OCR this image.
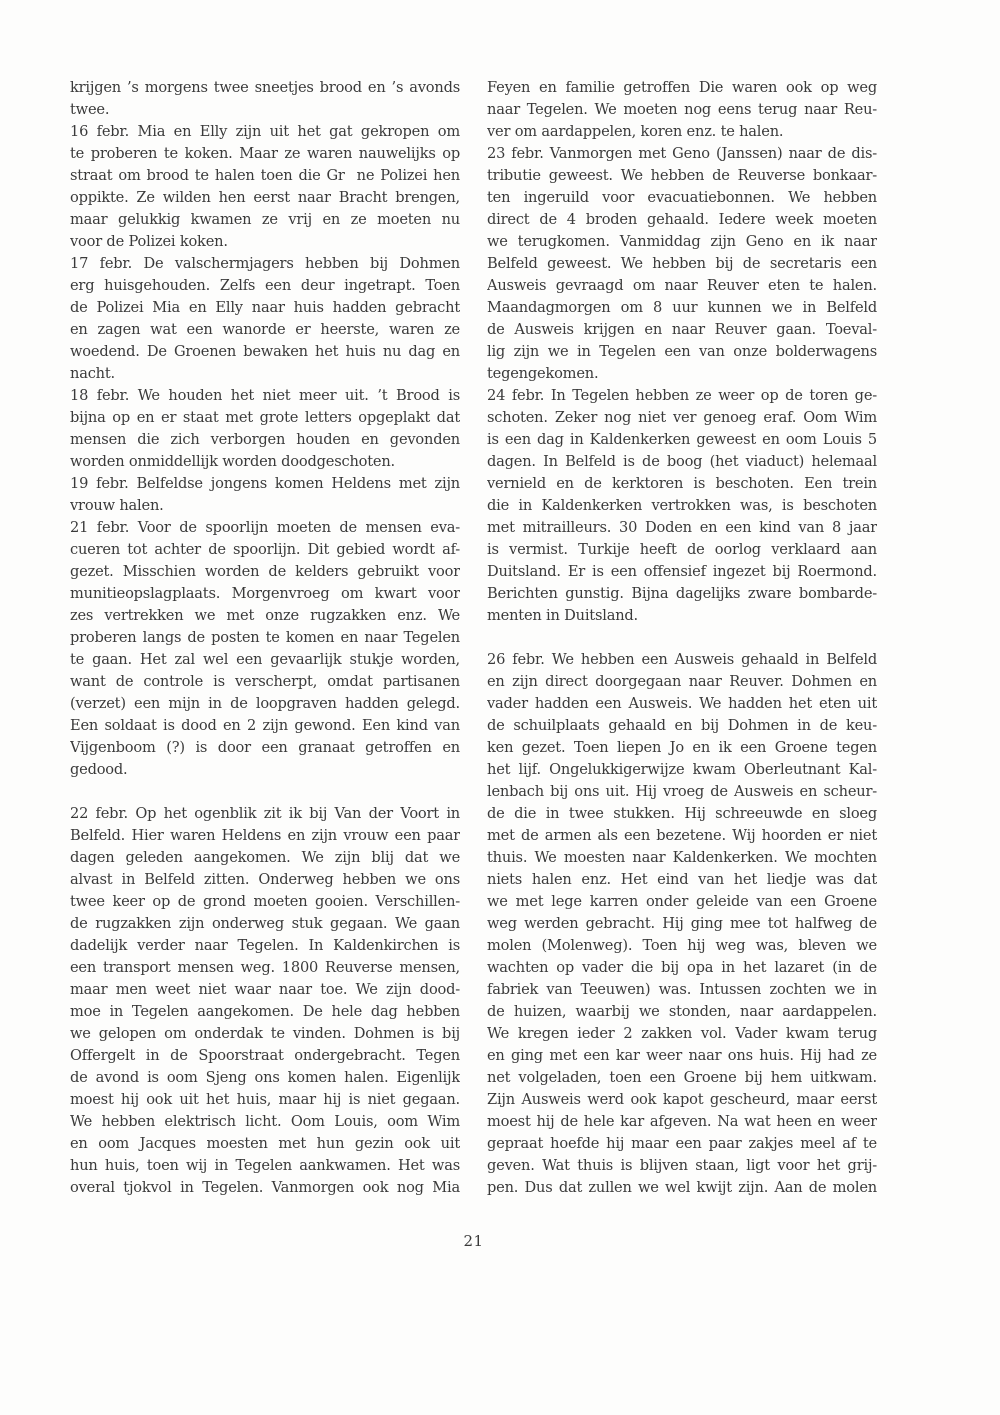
krijgen ’s morgens twee sneetjes brood en ’s avonds
twee.
16 febr. Mia en Elly zijn uit het gat gekropen om
te proberen te koken. Maar ze waren nauwelijks op
straat om brood te halen toen die Gr  ne Polizei hen
oppikte. Ze wilden hen eerst naar Bracht brengen,
maar gelukkig kwamen ze vrij en ze moeten nu
voor de Polizei koken.
17 febr. De valschermjagers hebben bij Dohmen
erg huisgehouden. Zelfs een deur ingetrapt. Toen
de Polizei Mia en Elly naar huis hadden gebracht
en zagen wat een wanorde er heerste, waren ze
woedend. De Groenen bewaken het huis nu dag en
nacht.
18 febr. We houden het niet meer uit. ’t Brood is
bijna op en er staat met grote letters opgeplakt dat
mensen die zich verborgen houden en gevonden
worden onmiddellijk worden doodgeschoten.
19 febr. Belfeldse jongens komen Heldens met zijn
vrouw halen.
21 febr. Voor de spoorlijn moeten de mensen eva-
cueren tot achter de spoorlijn. Dit gebied wordt af-
gezet. Misschien worden de kelders gebruikt voor
munitieopslagplaats. Morgenvroeg om kwart voor
zes vertrekken we met onze rugzakken enz. We
proberen langs de posten te komen en naar Tegelen
te gaan. Het zal wel een gevaarlijk stukje worden,
want de controle is verscherpt, omdat partisanen
(verzet) een mijn in de loopgraven hadden gelegd.
Een soldaat is dood en 2 zijn gewond. Een kind van
Vijgenboom (?) is door een granaat getroffen en
gedood.
22 febr. Op het ogenblik zit ik bij Van der Voort in
Belfeld. Hier waren Heldens en zijn vrouw een paar
dagen geleden aangekomen. We zijn blij dat we
alvast in Belfeld zitten. Onderweg hebben we ons
twee keer op de grond moeten gooien. Verschillen-
de rugzakken zijn onderweg stuk gegaan. We gaan
dadelijk verder naar Tegelen. In Kaldenkirchen is
een transport mensen weg. 1800 Reuverse mensen,
maar men weet niet waar naar toe. We zijn dood-
moe in Tegelen aangekomen. De hele dag hebben
we gelopen om onderdak te vinden. Dohmen is bij
Offergelt in de Spoorstraat ondergebracht. Tegen
de avond is oom Sjeng ons komen halen. Eigenlijk
moest hij ook uit het huis, maar hij is niet gegaan.
We hebben elektrisch licht. Oom Louis, oom Wim
en oom Jacques moesten met hun gezin ook uit
hun huis, toen wij in Tegelen aankwamen. Het was
overal tjokvol in Tegelen. Vanmorgen ook nog Mia
Feyen en familie getroffen Die waren ook op weg
naar Tegelen. We moeten nog eens terug naar Reu-
ver om aardappelen, koren enz. te halen.
23 febr. Vanmorgen met Geno (Janssen) naar de dis-
tributie geweest. We hebben de Reuverse bonkaar-
ten ingeruild voor evacuatiebonnen. We hebben
direct de 4 broden gehaald. Iedere week moeten
we terugkomen. Vanmiddag zijn Geno en ik naar
Belfeld geweest. We hebben bij de secretaris een
Ausweis gevraagd om naar Reuver eten te halen.
Maandagmorgen om 8 uur kunnen we in Belfeld
de Ausweis krijgen en naar Reuver gaan. Toeval-
lig zijn we in Tegelen een van onze bolderwagens
tegengekomen.
24 febr. In Tegelen hebben ze weer op de toren ge-
schoten. Zeker nog niet ver genoeg eraf. Oom Wim
is een dag in Kaldenkerken geweest en oom Louis 5
dagen. In Belfeld is de boog (het viaduct) helemaal
vernield en de kerktoren is beschoten. Een trein
die in Kaldenkerken vertrokken was, is beschoten
met mitrailleurs. 30 Doden en een kind van 8 jaar
is vermist. Turkije heeft de oorlog verklaard aan
Duitsland. Er is een offensief ingezet bij Roermond.
Berichten gunstig. Bijna dagelijks zware bombarde-
menten in Duitsland.
26 febr. We hebben een Ausweis gehaald in Belfeld
en zijn direct doorgegaan naar Reuver. Dohmen en
vader hadden een Ausweis. We hadden het eten uit
de schuilplaats gehaald en bij Dohmen in de keu-
ken gezet. Toen liepen Jo en ik een Groene tegen
het lijf. Ongelukkigerwijze kwam Oberleutnant Kal-
lenbach bij ons uit. Hij vroeg de Ausweis en scheur-
de die in twee stukken. Hij schreeuwde en sloeg
met de armen als een bezetene. Wij hoorden er niet
thuis. We moesten naar Kaldenkerken. We mochten
niets halen enz. Het eind van het liedje was dat
we met lege karren onder geleide van een Groene
weg werden gebracht. Hij ging mee tot halfweg de
molen (Molenweg). Toen hij weg was, bleven we
wachten op vader die bij opa in het lazaret (in de
fabriek van Teeuwen) was. Intussen zochten we in
de huizen, waarbij we stonden, naar aardappelen.
We kregen ieder 2 zakken vol. Vader kwam terug
en ging met een kar weer naar ons huis. Hij had ze
net volgeladen, toen een Groene bij hem uitkwam.
Zijn Ausweis werd ook kapot gescheurd, maar eerst
moest hij de hele kar afgeven. Na wat heen en weer
gepraat hoefde hij maar een paar zakjes meel af te
geven. Wat thuis is blijven staan, ligt voor het grij-
pen. Dus dat zullen we wel kwijt zijn. Aan de molen
21
